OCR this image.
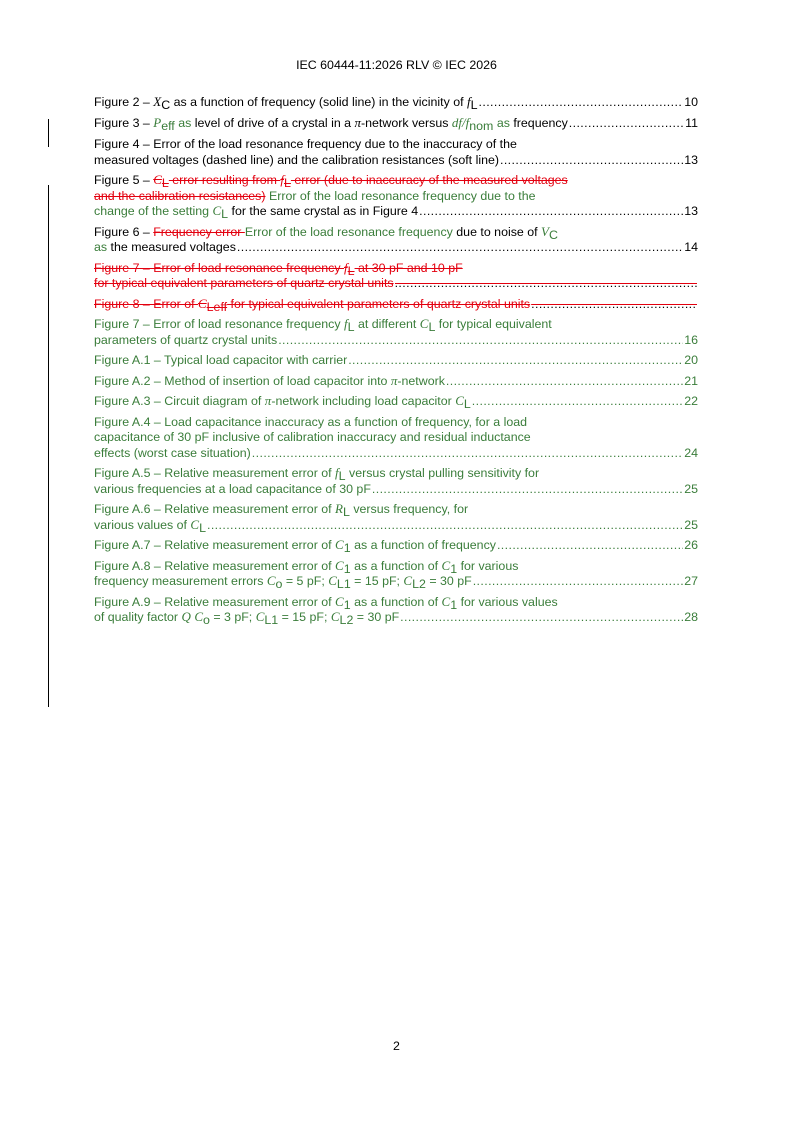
IEC 60444-11:2026 RLV © IEC 2026
Figure 2 – XC as a function of frequency (solid line) in the vicinity of fL .....	10
Figure 3 – Peff as level of drive of a crystal in a π-network versus df/fnom as frequency .....	11
Figure 4 – Error of the load resonance frequency due to the inaccuracy of the
measured voltages (dashed line) and the calibration resistances (soft line) .....	13
Figure 5 – CL error resulting from fL error (due to inaccuracy of the measured voltages
and the calibration resistances) Error of the load resonance frequency due to the
change of the setting CL for the same crystal as in Figure 4 .....	13
Figure 6 – Frequency error Error of the load resonance frequency due to noise of VC
as the measured voltages .....	14
Figure 7 – Error of load resonance frequency fL at 30 pF and 10 pF
for typical equivalent parameters of quartz crystal units
.....
Figure 8 – Error of CLeff for typical equivalent parameters of quartz crystal units
.....
Figure 7 – Error of load resonance frequency fL at different CL for typical equivalent
parameters of quartz crystal units .....	16
Figure A.1 – Typical load capacitor with carrier .....	20
Figure A.2 – Method of insertion of load capacitor into π-network .....	21
Figure A.3 – Circuit diagram of π-network including load capacitor CL .....	22
Figure A.4 – Load capacitance inaccuracy as a function of frequency, for a load
capacitance of 30 pF inclusive of calibration inaccuracy and residual inductance
effects (worst case situation) .....	24
Figure A.5 – Relative measurement error of fL versus crystal pulling sensitivity for
various frequencies at a load capacitance of 30 pF .....	25
Figure A.6 – Relative measurement error of RL versus frequency, for
various values of CL .....	25
Figure A.7 – Relative measurement error of C1 as a function of frequency .....	26
Figure A.8 – Relative measurement error of C1 as a function of C1 for various
frequency measurement errors Co = 5 pF; CL1 = 15 pF; CL2 = 30 pF .....	27
Figure A.9 – Relative measurement error of C1 as a function of C1 for various values
of quality factor Q Co = 3 pF; CL1 = 15 pF; CL2 = 30 pF .....	28
2
